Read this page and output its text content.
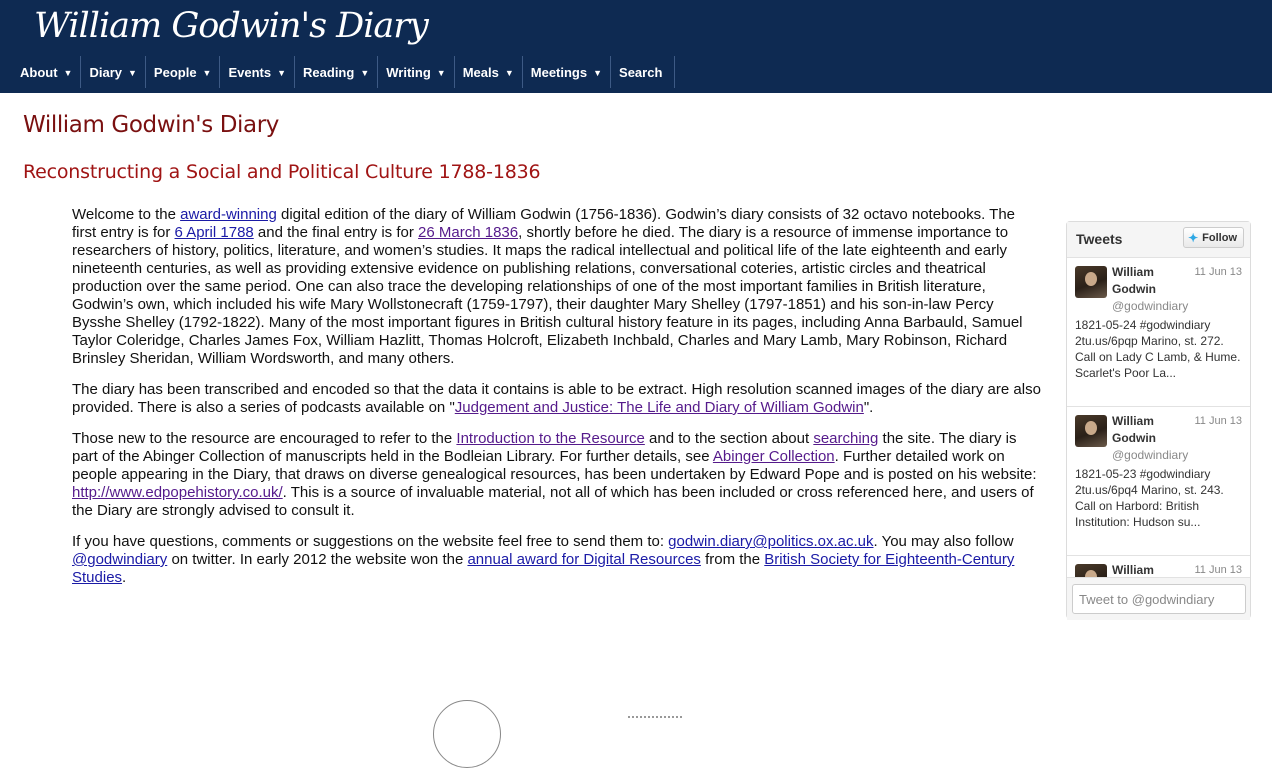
William Godwin's Diary
About ▼ Diary ▼ People ▼ Events ▼ Reading ▼ Writing ▼ Meals ▼ Meetings ▼ Search
William Godwin's Diary
Reconstructing a Social and Political Culture 1788-1836

Welcome to the award-winning digital edition of the diary of William Godwin (1756-1836). Godwin’s diary consists of 32 octavo notebooks. The first entry is for 6 April 1788 and the final entry is for 26 March 1836, shortly before he died. The diary is a resource of immense importance to researchers of history, politics, literature, and women’s studies. It maps the radical intellectual and political life of the late eighteenth and early nineteenth centuries, as well as providing extensive evidence on publishing relations, conversational coteries, artistic circles and theatrical production over the same period. One can also trace the developing relationships of one of the most important families in British literature, Godwin’s own, which included his wife Mary Wollstonecraft (1759-1797), their daughter Mary Shelley (1797-1851) and his son-in-law Percy Bysshe Shelley (1792-1822). Many of the most important figures in British cultural history feature in its pages, including Anna Barbauld, Samuel Taylor Coleridge, Charles James Fox, William Hazlitt, Thomas Holcroft, Elizabeth Inchbald, Charles and Mary Lamb, Mary Robinson, Richard Brinsley Sheridan, William Wordsworth, and many others.

The diary has been transcribed and encoded so that the data it contains is able to be extract. High resolution scanned images of the diary are also provided. There is also a series of podcasts available on "Judgement and Justice: The Life and Diary of William Godwin".

Those new to the resource are encouraged to refer to the Introduction to the Resource and to the section about searching the site. The diary is part of the Abinger Collection of manuscripts held in the Bodleian Library. For further details, see Abinger Collection. Further detailed work on people appearing in the Diary, that draws on diverse genealogical resources, has been undertaken by Edward Pope and is posted on his website: http://www.edpopehistory.co.uk/. This is a source of invaluable material, not all of which has been included or cross referenced here, and users of the Diary are strongly advised to consult it.

If you have questions, comments or suggestions on the website feel free to send them to: godwin.diary@politics.ox.ac.uk. You may also follow @godwindiary on twitter. In early 2012 the website won the annual award for Digital Resources from the British Society for Eighteenth-Century Studies.

Tweets	✦ Follow
William Godwin
@godwindiary
11 Jun 13
1821-05-24 #godwindiary 2tu.us/6pqp Marino, st. 272. Call on Lady C Lamb, & Hume. Scarlet's Poor La...
William Godwin
@godwindiary
11 Jun 13
1821-05-23 #godwindiary 2tu.us/6pq4 Marino, st. 243. Call on Harbord: British Institution: Hudson su...
William	11 Jun 13
Tweet to @godwindiary
